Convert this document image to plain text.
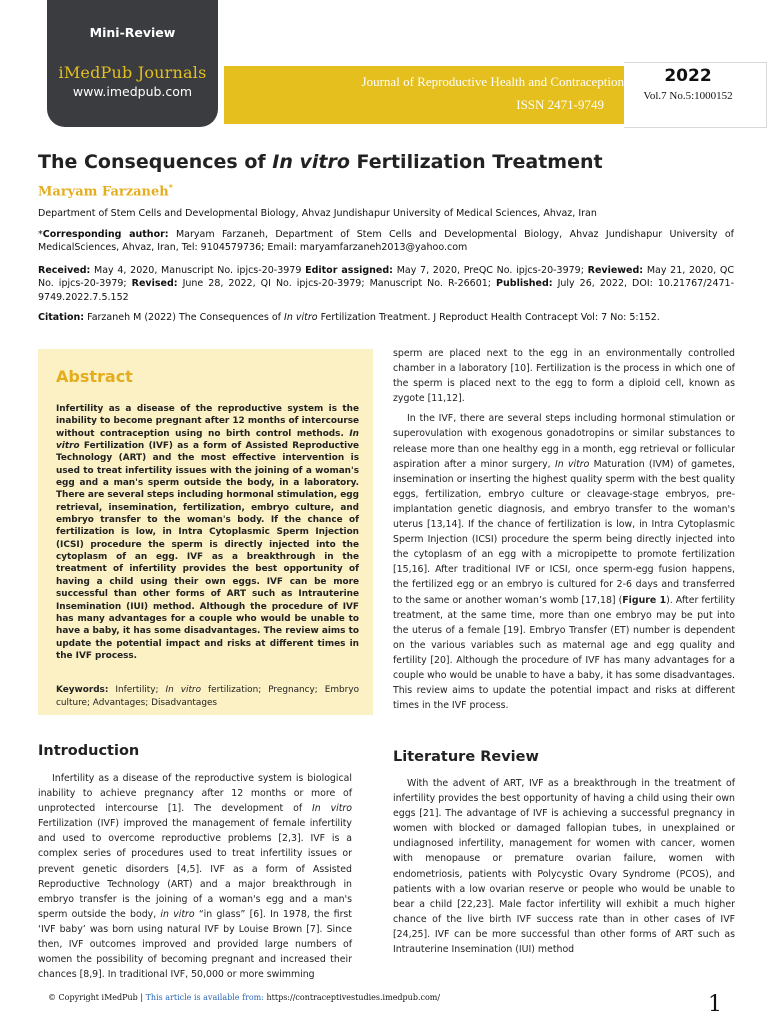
Mini-Review
iMedPub Journals
www.imedpub.com
Journal of Reproductive Health and Contraception
ISSN 2471-9749
2022
Vol.7 No.5:1000152
The Consequences of In vitro Fertilization Treatment
Maryam Farzaneh*
Department of Stem Cells and Developmental Biology, Ahvaz Jundishapur University of Medical Sciences, Ahvaz, Iran
*Corresponding author: Maryam Farzaneh, Department of Stem Cells and Developmental Biology, Ahvaz Jundishapur University of MedicalSciences, Ahvaz, Iran, Tel: 9104579736; Email: maryamfarzaneh2013@yahoo.com
Received: May 4, 2020, Manuscript No. ipjcs-20-3979 Editor assigned: May 7, 2020, PreQC No. ipjcs-20-3979; Reviewed: May 21, 2020, QC No. ipjcs-20-3979; Revised: June 28, 2022, QI No. ipjcs-20-3979; Manuscript No. R-26601; Published: July 26, 2022, DOI: 10.21767/2471-9749.2022.7.5.152
Citation: Farzaneh M (2022) The Consequences of In vitro Fertilization Treatment. J Reproduct Health Contracept Vol: 7 No: 5:152.
Abstract
Infertility as a disease of the reproductive system is the inability to become pregnant after 12 months of intercourse without contraception using no birth control methods. In vitro Fertilization (IVF) as a form of Assisted Reproductive Technology (ART) and the most effective intervention is used to treat infertility issues with the joining of a woman's egg and a man's sperm outside the body, in a laboratory. There are several steps including hormonal stimulation, egg retrieval, insemination, fertilization, embryo culture, and embryo transfer to the woman's body. If the chance of fertilization is low, in Intra Cytoplasmic Sperm Injection (ICSI) procedure the sperm is directly injected into the cytoplasm of an egg. IVF as a breakthrough in the treatment of infertility provides the best opportunity of having a child using their own eggs. IVF can be more successful than other forms of ART such as Intrauterine Insemination (IUI) method. Although the procedure of IVF has many advantages for a couple who would be unable to have a baby, it has some disadvantages. The review aims to update the potential impact and risks at different times in the IVF process.
Keywords: Infertility; In vitro fertilization; Pregnancy; Embryo culture; Advantages; Disadvantages
Introduction

Infertility as a disease of the reproductive system is biological inability to achieve pregnancy after 12 months or more of unprotected intercourse [1]. The development of In vitro Fertilization (IVF) improved the management of female infertility and used to overcome reproductive problems [2,3]. IVF is a complex series of procedures used to treat infertility issues or prevent genetic disorders [4,5]. IVF as a form of Assisted Reproductive Technology (ART) and a major breakthrough in embryo transfer is the joining of a woman's egg and a man's sperm outside the body, in vitro “in glass” [6]. In 1978, the first ‘IVF baby’ was born using natural IVF by Louise Brown [7]. Since then, IVF outcomes improved and provided large numbers of women the possibility of becoming pregnant and increased their chances [8,9]. In traditional IVF, 50,000 or more swimming

sperm are placed next to the egg in an environmentally controlled chamber in a laboratory [10]. Fertilization is the process in which one of the sperm is placed next to the egg to form a diploid cell, known as zygote [11,12].

In the IVF, there are several steps including hormonal stimulation or superovulation with exogenous gonadotropins or similar substances to release more than one healthy egg in a month, egg retrieval or follicular aspiration after a minor surgery, In vitro Maturation (IVM) of gametes, insemination or inserting the highest quality sperm with the best quality eggs, fertilization, embryo culture or cleavage-stage embryos, pre-implantation genetic diagnosis, and embryo transfer to the woman's uterus [13,14]. If the chance of fertilization is low, in Intra Cytoplasmic Sperm Injection (ICSI) procedure the sperm being directly injected into the cytoplasm of an egg with a micropipette to promote fertilization [15,16]. After traditional IVF or ICSI, once sperm-egg fusion happens, the fertilized egg or an embryo is cultured for 2-6 days and transferred to the same or another woman’s womb [17,18] (Figure 1). After fertility treatment, at the same time, more than one embryo may be put into the uterus of a female [19]. Embryo Transfer (ET) number is dependent on the various variables such as maternal age and egg quality and fertility [20]. Although the procedure of IVF has many advantages for a couple who would be unable to have a baby, it has some disadvantages. This review aims to update the potential impact and risks at different times in the IVF process.

Literature Review

With the advent of ART, IVF as a breakthrough in the treatment of infertility provides the best opportunity of having a child using their own eggs [21]. The advantage of IVF is achieving a successful pregnancy in women with blocked or damaged fallopian tubes, in unexplained or undiagnosed infertility, management for women with cancer, women with menopause or premature ovarian failure, women with endometriosis, patients with Polycystic Ovary Syndrome (PCOS), and patients with a low ovarian reserve or people who would be unable to bear a child [22,23]. Male factor infertility will exhibit a much higher chance of the live birth IVF success rate than in other cases of IVF [24,25]. IVF can be more successful than other forms of ART such as Intrauterine Insemination (IUI) method

© Copyright iMedPub | This article is available from: https://contraceptivestudies.imedpub.com/	1
